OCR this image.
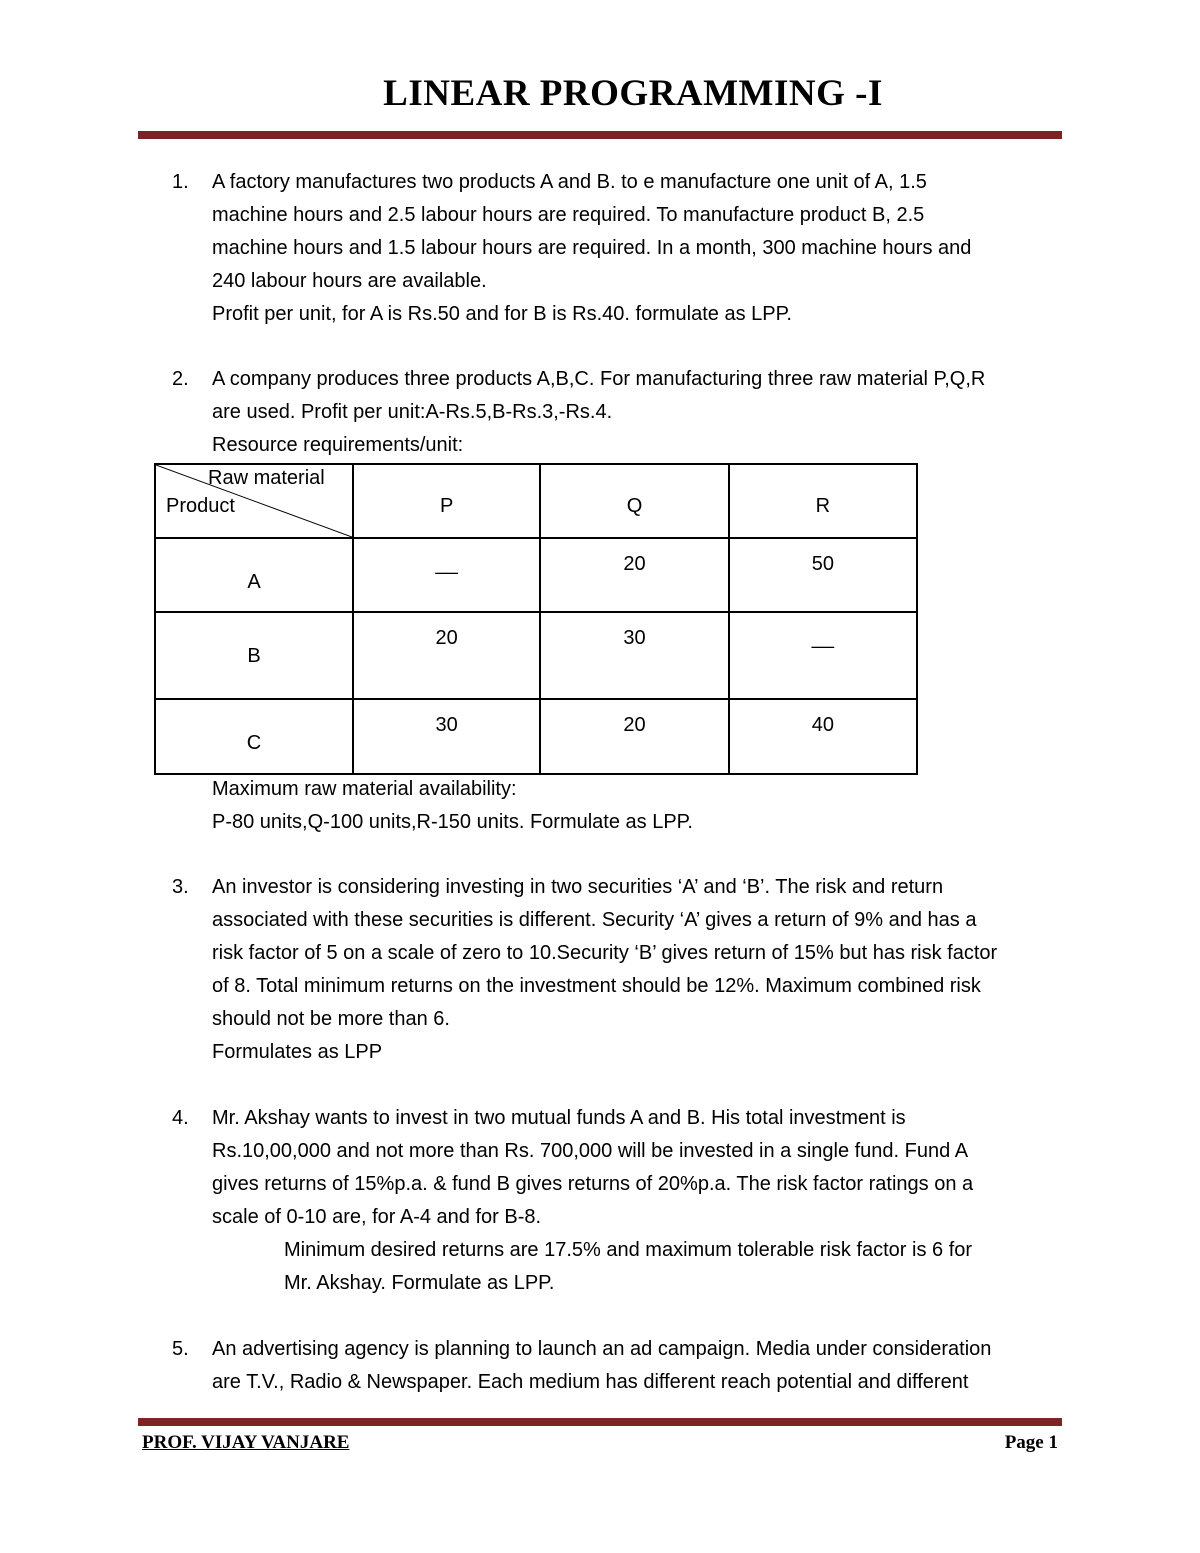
LINEAR PROGRAMMING -I
1.	A factory manufactures two products A and B. to e manufacture one unit of A, 1.5
machine hours and 2.5 labour hours are required. To manufacture product B, 2.5
machine hours and 1.5 labour hours are required. In a month, 300 machine hours and
240 labour hours are available.
Profit per unit, for A is Rs.50 and for B is Rs.40. formulate as LPP.
2.	A company produces three products A,B,C. For manufacturing three raw material P,Q,R
are used. Profit per unit:A-Rs.5,B-Rs.3,-Rs.4.
Resource requirements/unit:
Raw material
Product	P	Q	R

A	__	20	50

B	20	30	__

C	30	20	40
Maximum raw material availability:
P-80 units,Q-100 units,R-150 units. Formulate as LPP.
3.	An investor is considering investing in two securities ‘A’ and ‘B’. The risk and return
associated with these securities is different. Security ‘A’ gives a return of 9% and has a
risk factor of 5 on a scale of zero to 10.Security ‘B’ gives return of 15% but has risk factor
of 8. Total minimum returns on the investment should be 12%. Maximum combined risk
should not be more than 6.
Formulates as LPP
4.	Mr. Akshay wants to invest in two mutual funds A and B. His total investment is
Rs.10,00,000 and not more than Rs. 700,000 will be invested in a single fund. Fund A
gives returns of 15%p.a. & fund B gives returns of 20%p.a. The risk factor ratings on a
scale of 0-10 are, for A-4 and for B-8.
Minimum desired returns are 17.5% and maximum tolerable risk factor is 6 for
Mr. Akshay. Formulate as LPP.
5.	An advertising agency is planning to launch an ad campaign. Media under consideration
are T.V., Radio & Newspaper. Each medium has different reach potential and different
PROF. VIJAY VANJARE	Page 1
